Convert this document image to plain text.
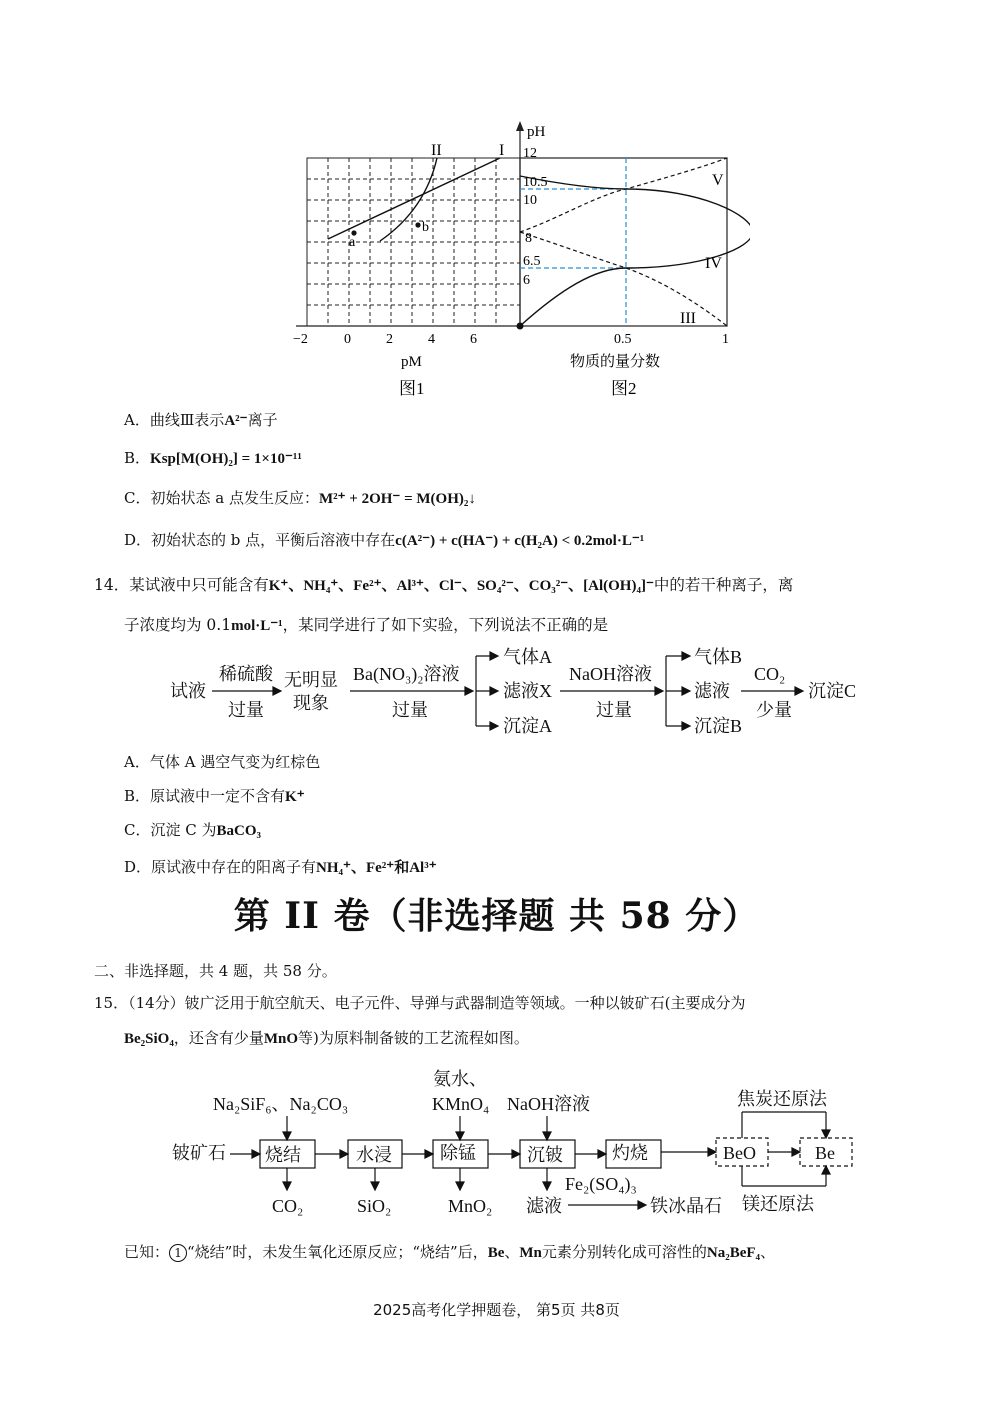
a
b
II	I
−2	0	2	4	6
pM
图1
pH
12
10.5
10
8
6.5
6
V
IV
III
0.5	1
物质的量分数
图2
A．曲线Ⅲ表示A²⁻离子
B．Ksp[M(OH)₂] = 1×10⁻¹¹
C．初始状态 a 点发生反应：M²⁺ + 2OH⁻ = M(OH)₂↓
D．初始状态的 b 点，平衡后溶液中存在c(A²⁻) + c(HA⁻) + c(H₂A) < 0.2mol·L⁻¹
14．某试液中只可能含有K⁺、NH₄⁺、Fe²⁺、Al³⁺、Cl⁻、SO₄²⁻、CO₃²⁻、[Al(OH)₄]⁻中的若干种离子，离
子浓度均为 0.1mol·L⁻¹，某同学进行了如下实验，下列说法不正确的是
试液
稀硫酸
过量
无明显
现象
Ba(NO₃)₂溶液
过量
气体A
滤液X
沉淀A
NaOH溶液
过量
气体B
滤液
沉淀B
CO₂
少量
沉淀C
A．气体 A 遇空气变为红棕色
B．原试液中一定不含有K⁺
C．沉淀 C 为BaCO₃
D．原试液中存在的阳离子有NH₄⁺、Fe²⁺和Al³⁺
第 II 卷（非选择题 共 58 分）
二、非选择题，共 4 题，共 58 分。
15．（14分）铍广泛用于航空航天、电子元件、导弹与武器制造等领域。一种以铍矿石(主要成分为
Be₂SiO₄，还含有少量MnO等)为原料制备铍的工艺流程如图。
Na₂SiF₆、Na₂CO₃
氨水、
KMnO₄ NaOH溶液
铍矿石 烧结	水浸	除锰	沉铍	灼烧
CO₂	SiO₂	MnO₂ 滤液
Fe₂(SO₄)₃
铁冰晶石
BeO	Be
焦炭还原法
镁还原法
已知： 1 “烧结”时，未发生氧化还原反应；“烧结”后，Be、Mn元素分别转化成可溶性的Na₂BeF₄、
2025高考化学押题卷， 第5页 共8页
